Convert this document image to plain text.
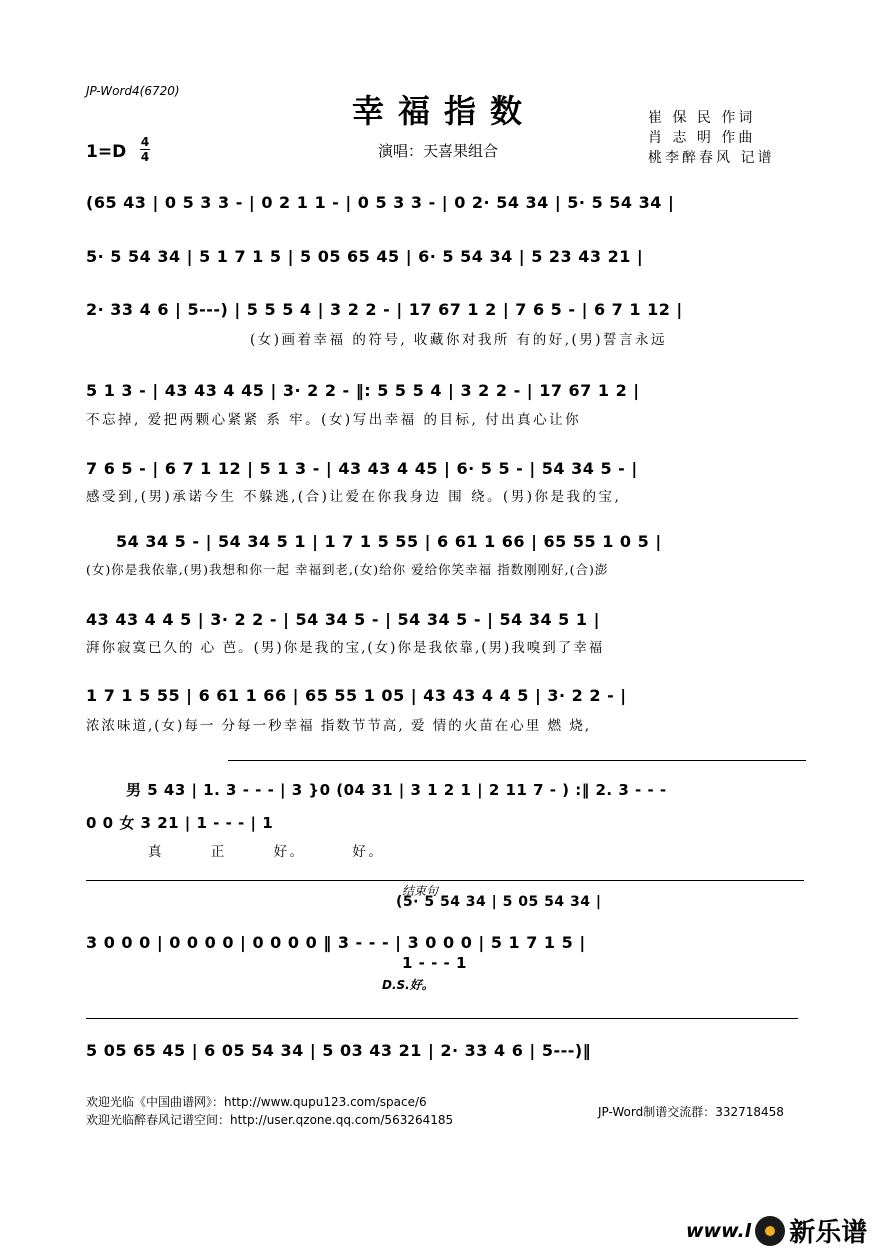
JP-Word4(6720)
幸福指数	崔 保 民 作词
肖 志 明 作曲
桃李醉春风 记谱
1=D 4
4	演唱：天喜果组合
(65 43 | 0 5 3 3 - | 0 2 1 1 - | 0 5 3 3 - | 0 2· 54 34 | 5· 5 54 34 |
5· 5 54 34 | 5 1 7 1 5 | 5 05 65 45 | 6· 5 54 34 | 5 23 43 21 |
2· 33 4 6 | 5---) | 5 5 5 4 | 3 2 2 - | 17 67 1 2 | 7 6 5 - | 6 7 1 12 |
(女)画着幸福 的符号, 收藏你对我所 有的好,(男)誓言永远
5 1 3 - | 43 43 4 45 | 3· 2 2 - ‖: 5 5 5 4 | 3 2 2 - | 17 67 1 2 |
不忘掉, 爱把两颗心紧紧 系 牢。(女)写出幸福 的目标, 付出真心让你
7 6 5 - | 6 7 1 12 | 5 1 3 - | 43 43 4 45 | 6· 5 5 - | 54 34 5 - |
感受到,(男)承诺今生 不躲逃,(合)让爱在你我身边 围 绕。(男)你是我的宝,
54 34 5 - | 54 34 5 1 | 1 7 1 5 55 | 6 61 1 66 | 65 55 1 0 5 |
(女)你是我依靠,(男)我想和你一起 幸福到老,(女)给你 爱给你笑幸福 指数刚刚好,(合)澎
43 43 4 4 5 | 3· 2 2 - | 54 34 5 - | 54 34 5 - | 54 34 5 1 |
湃你寂寞已久的 心 芭。(男)你是我的宝,(女)你是我依靠,(男)我嗅到了幸福
1 7 1 5 55 | 6 61 1 66 | 65 55 1 05 | 43 43 4 4 5 | 3· 2 2 - |
浓浓味道,(女)每一 分每一秒幸福 指数节节高, 爱 情的火苗在心里 燃 烧,
男 5 43 | 1. 3 - - - | 3 }0 (04 31 | 3 1 2 1 | 2 11 7 - ) :‖ 2. 3 - - -
0 0 女 3 21 | 1 - - - | 1
真 正 好。 好。
结束句
(5· 5 54 34 | 5 05 54 34 |
3 0 0 0 | 0 0 0 0 | 0 0 0 0 ‖ 3 - - - | 3 0 0 0 | 5 1 7 1 5 |
1 - - - 1
D.S.好。
5 05 65 45 | 6 05 54 34 | 5 03 43 21 | 2· 33 4 6 | 5---)‖
欢迎光临《中国曲谱网》：http://www.qupu123.com/space/6
欢迎光临醉春风记谱空间：http://user.qzone.qq.com/563264185
JP-Word制谱交流群：332718458
www.l 新乐谱
